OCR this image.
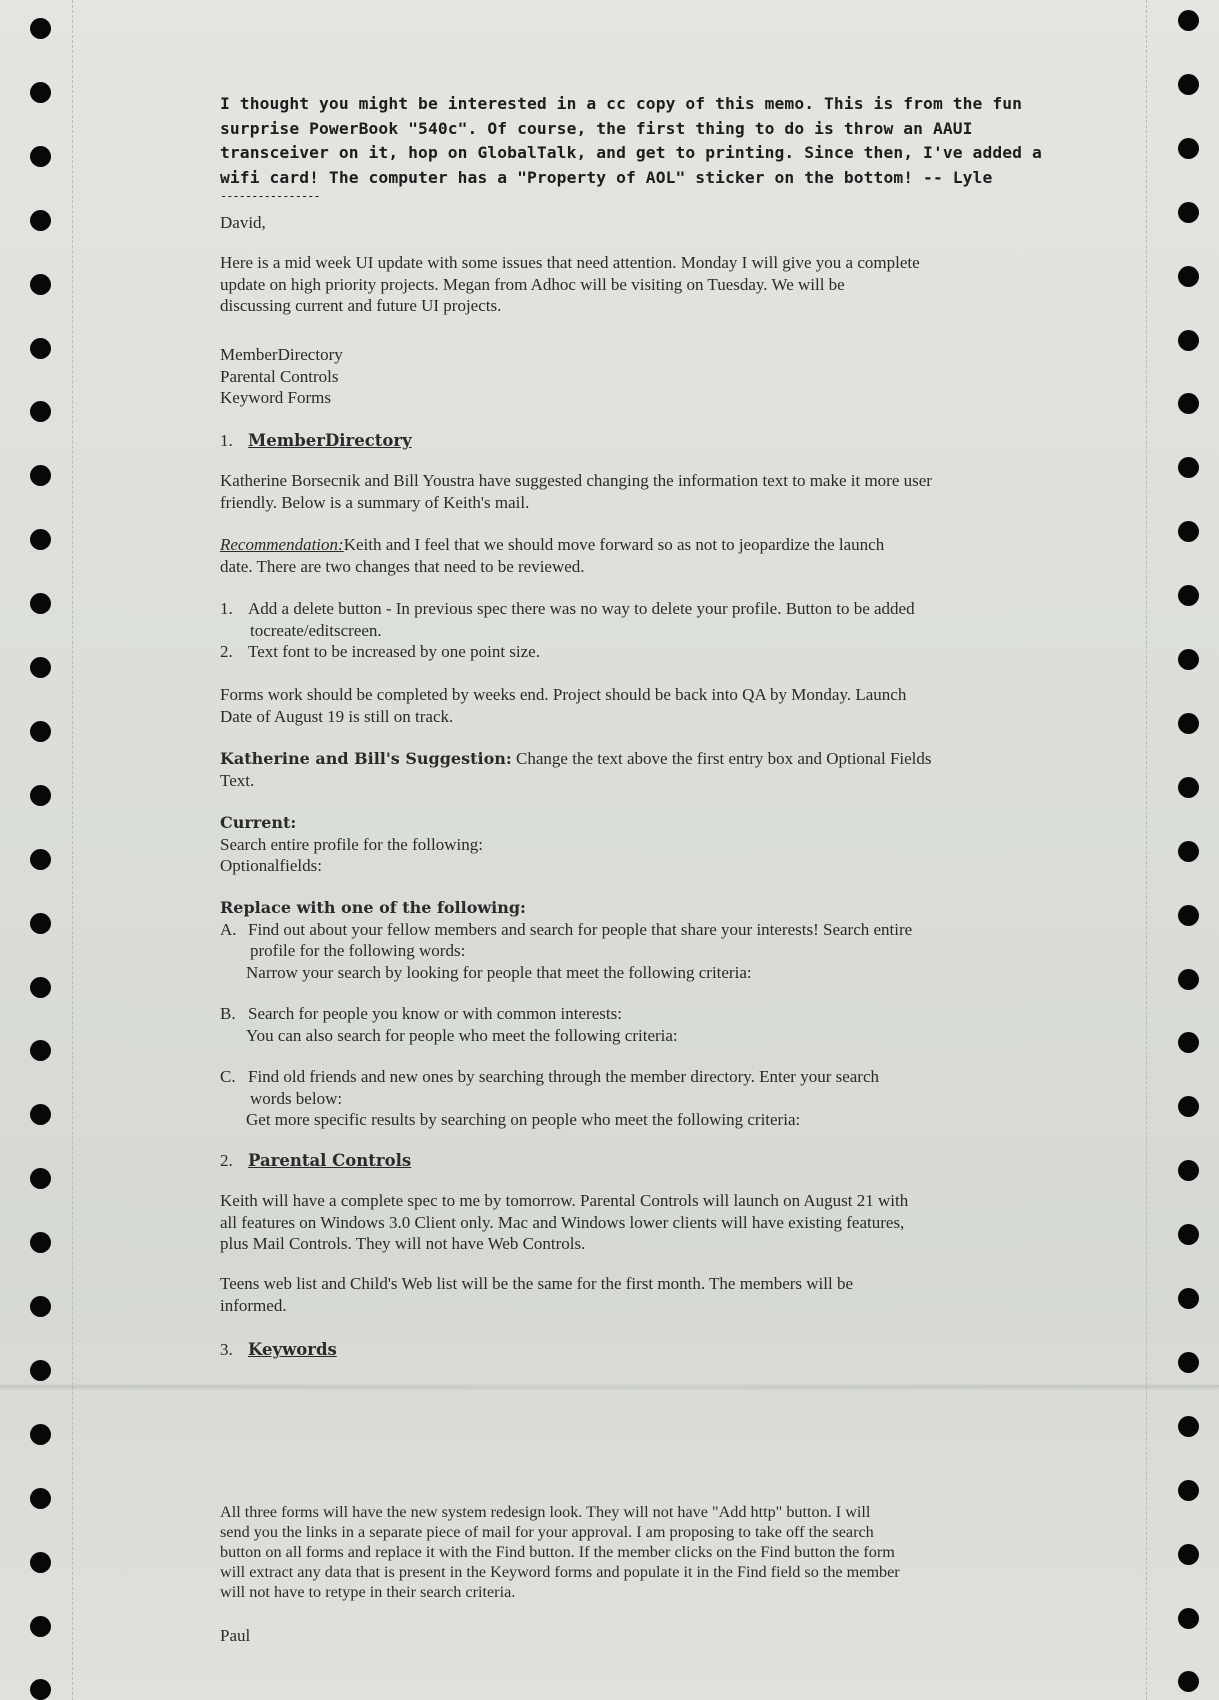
I thought you might be interested in a cc copy of this memo. This is from the fun

surprise PowerBook "540c". Of course, the first thing to do is throw an AAUI

transceiver on it, hop on GlobalTalk, and get to printing. Since then, I've added a

wifi card! The computer has a "Property of AOL" sticker on the bottom! -- Lyle

----------------

David,

Here is a mid week UI update with some issues that need attention. Monday I will give you a complete

update on high priority projects. Megan from Adhoc will be visiting on Tuesday. We will be

discussing current and future UI projects.

MemberDirectory

Parental Controls

Keyword Forms

1. MemberDirectory

Katherine Borsecnik and Bill Youstra have suggested changing the information text to make it more user

friendly. Below is a summary of Keith's mail.

Recommendation:Keith and I feel that we should move forward so as not to jeopardize the launch

date. There are two changes that need to be reviewed.

1. Add a delete button - In previous spec there was no way to delete your profile. Button to be added

tocreate/editscreen.

2. Text font to be increased by one point size.

Forms work should be completed by weeks end. Project should be back into QA by Monday. Launch

Date of August 19 is still on track.

Katherine and Bill's Suggestion: Change the text above the first entry box and Optional Fields

Text.

Current:

Search entire profile for the following:

Optionalfields:

Replace with one of the following:

A. Find out about your fellow members and search for people that share your interests! Search entire

profile for the following words:

Narrow your search by looking for people that meet the following criteria:

B. Search for people you know or with common interests:

You can also search for people who meet the following criteria:

C. Find old friends and new ones by searching through the member directory. Enter your search

words below:

Get more specific results by searching on people who meet the following criteria:

2. Parental Controls

Keith will have a complete spec to me by tomorrow. Parental Controls will launch on August 21 with

all features on Windows 3.0 Client only. Mac and Windows lower clients will have existing features,

plus Mail Controls. They will not have Web Controls.

Teens web list and Child's Web list will be the same for the first month. The members will be

informed.

3. Keywords

All three forms will have the new system redesign look. They will not have "Add http" button. I will

send you the links in a separate piece of mail for your approval. I am proposing to take off the search

button on all forms and replace it with the Find button. If the member clicks on the Find button the form

will extract any data that is present in the Keyword forms and populate it in the Find field so the member

will not have to retype in their search criteria.

Paul
